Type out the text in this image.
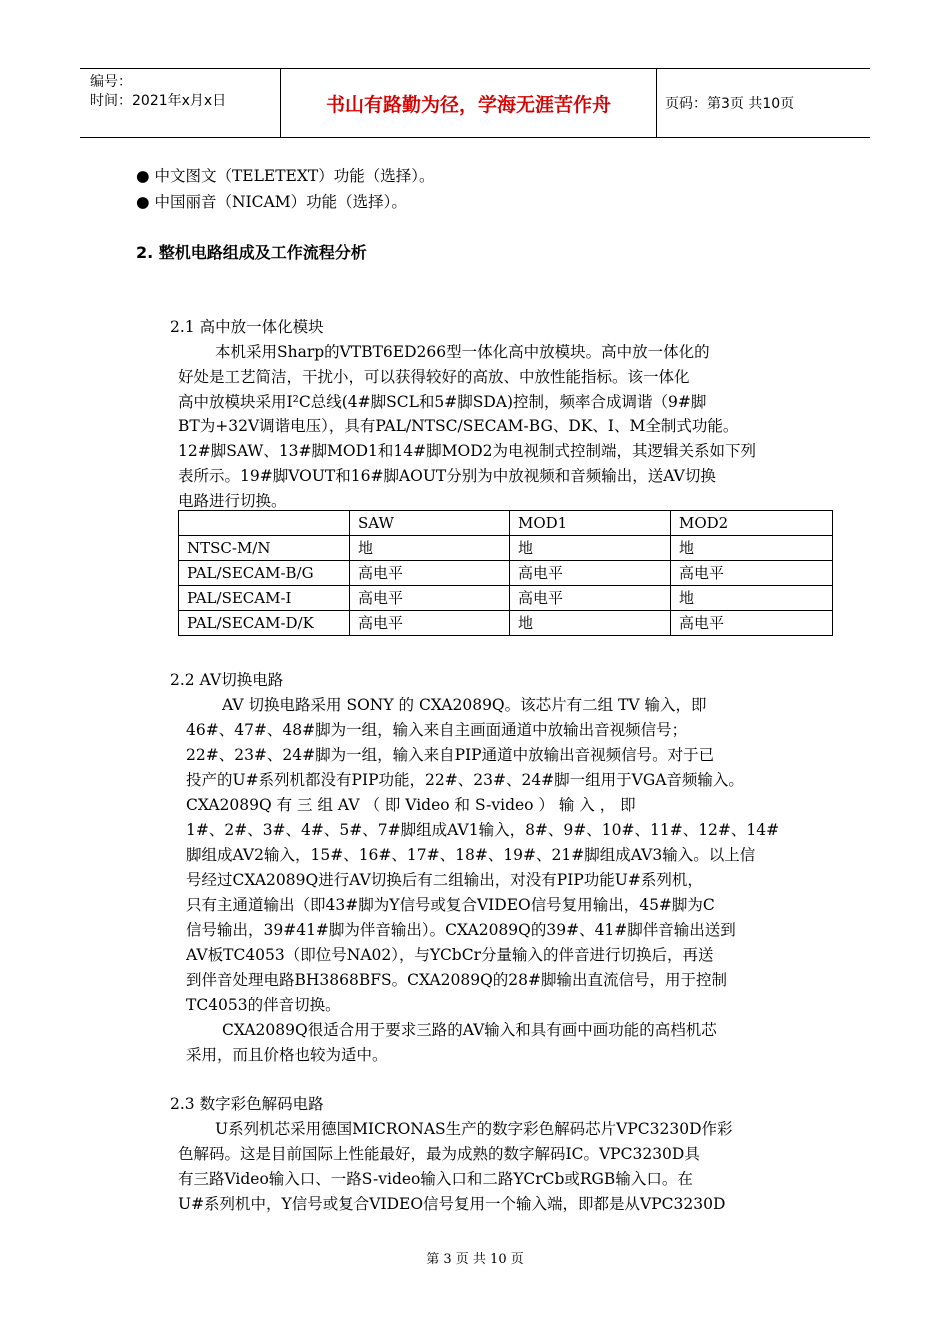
编号：
时间：2021年x月x日	书山有路勤为径，学海无涯苦作舟	页码：第3页 共10页
● 中文图文（TELETEXT）功能（选择）。
● 中国丽音（NICAM）功能（选择）。
2. 整机电路组成及工作流程分析
2.1 高中放一体化模块
本机采用Sharp的VTBT6ED266型一体化高中放模块。高中放一体化的
好处是工艺简洁，干扰小，可以获得较好的高放、中放性能指标。该一体化
高中放模块采用I²C总线(4#脚SCL和5#脚SDA)控制，频率合成调谐（9#脚
BT为+32V调谐电压），具有PAL/NTSC/SECAM-BG、DK、I、M全制式功能。
12#脚SAW、13#脚MOD1和14#脚MOD2为电视制式控制端，其逻辑关系如下列
表所示。19#脚VOUT和16#脚AOUT分别为中放视频和音频输出，送AV切换
电路进行切换。
	SAW	MOD1	MOD2
NTSC-M/N	地	地	地
PAL/SECAM-B/G	高电平	高电平	高电平
PAL/SECAM-I	高电平	高电平	地
PAL/SECAM-D/K	高电平	地	高电平
2.2 AV切换电路
AV 切换电路采用 SONY 的 CXA2089Q。该芯片有二组 TV 输入，即
46#、47#、48#脚为一组，输入来自主画面通道中放输出音视频信号；
22#、23#、24#脚为一组，输入来自PIP通道中放输出音视频信号。对于已
投产的U#系列机都没有PIP功能，22#、23#、24#脚一组用于VGA音频输入。
CXA2089Q 有 三 组 AV （ 即 Video 和 S-video ） 输 入 ， 即
1#、2#、3#、4#、5#、7#脚组成AV1输入，8#、9#、10#、11#、12#、14#
脚组成AV2输入，15#、16#、17#、18#、19#、21#脚组成AV3输入。以上信
号经过CXA2089Q进行AV切换后有二组输出，对没有PIP功能U#系列机，
只有主通道输出（即43#脚为Y信号或复合VIDEO信号复用输出，45#脚为C
信号输出，39#41#脚为伴音输出）。CXA2089Q的39#、41#脚伴音输出送到
AV板TC4053（即位号NA02），与YCbCr分量输入的伴音进行切换后，再送
到伴音处理电路BH3868BFS。CXA2089Q的28#脚输出直流信号，用于控制
TC4053的伴音切换。
CXA2089Q很适合用于要求三路的AV输入和具有画中画功能的高档机芯
采用，而且价格也较为适中。
2.3 数字彩色解码电路
U系列机芯采用德国MICRONAS生产的数字彩色解码芯片VPC3230D作彩
色解码。这是目前国际上性能最好，最为成熟的数字解码IC。VPC3230D具
有三路Video输入口、一路S-video输入口和二路YCrCb或RGB输入口。在
U#系列机中，Y信号或复合VIDEO信号复用一个输入端，即都是从VPC3230D
第 3 页 共 10 页
